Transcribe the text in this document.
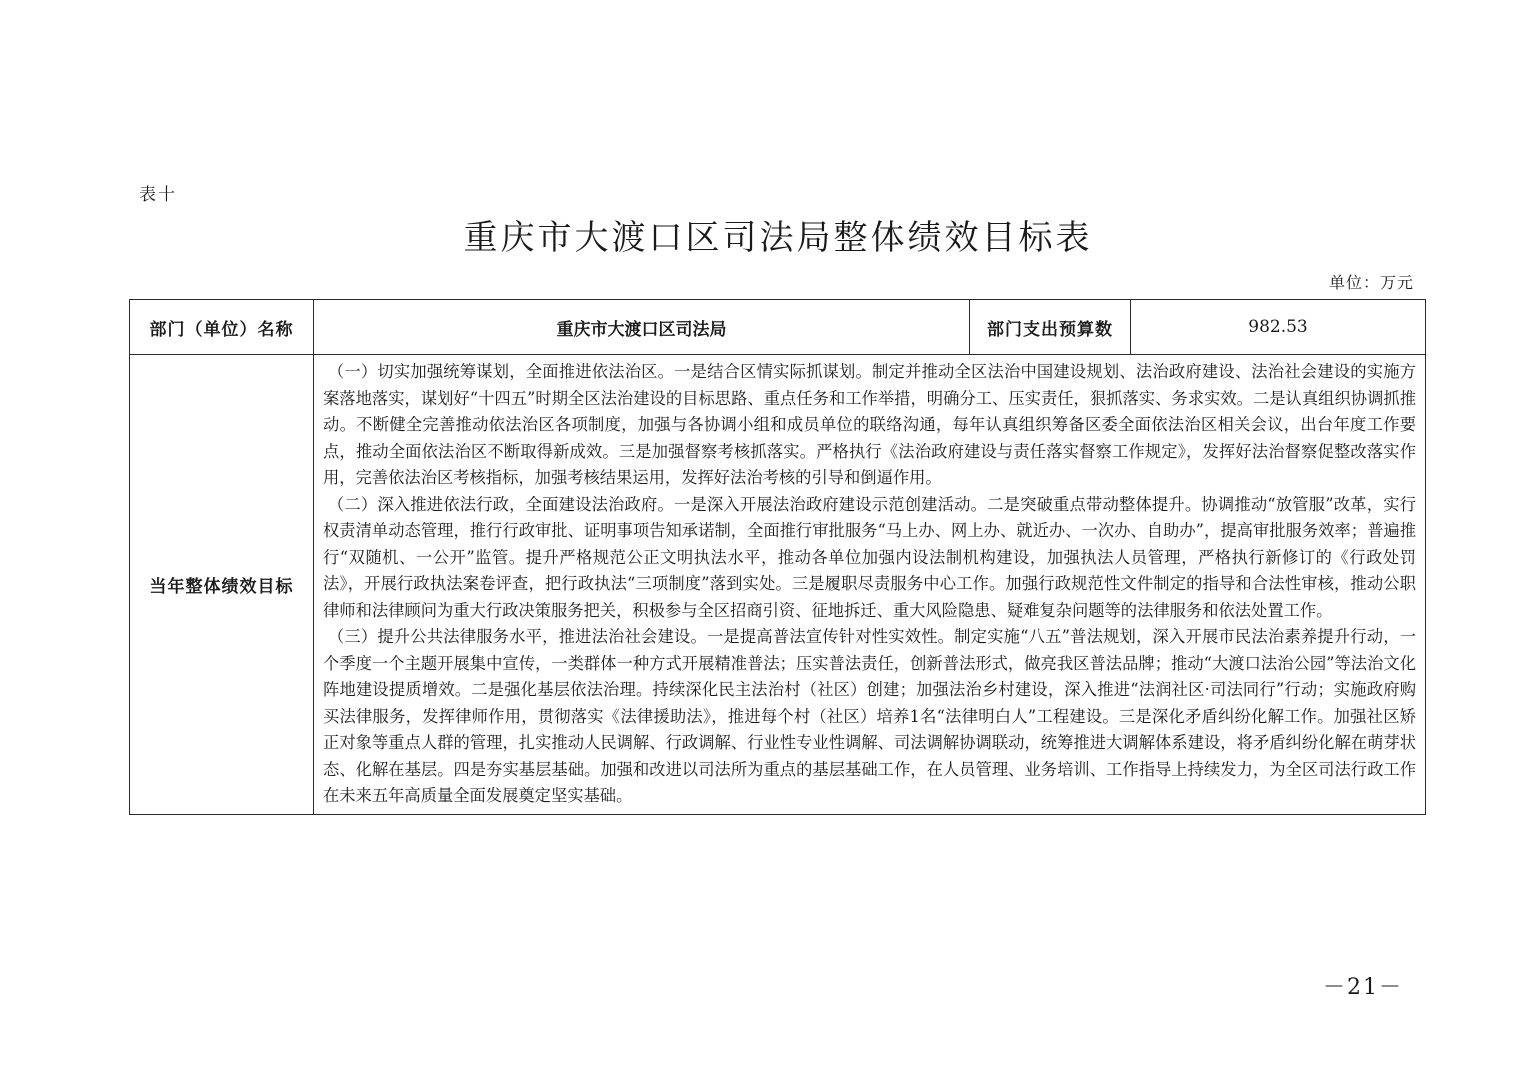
表十
重庆市大渡口区司法局整体绩效目标表
单位：万元
部门（单位）名称	重庆市大渡口区司法局	部门支出预算数	982.53
当年整体绩效目标	（一）切实加强统筹谋划，全面推进依法治区。一是结合区情实际抓谋划。制定并推动全区法治中国建设规划、法治政府建设、法治社会建设的实施方案落地落实，谋划好“十四五”时期全区法治建设的目标思路、重点任务和工作举措，明确分工、压实责任，狠抓落实、务求实效。二是认真组织协调抓推动。不断健全完善推动依法治区各项制度，加强与各协调小组和成员单位的联络沟通，每年认真组织筹备区委全面依法治区相关会议，出台年度工作要点，推动全面依法治区不断取得新成效。三是加强督察考核抓落实。严格执行《法治政府建设与责任落实督察工作规定》，发挥好法治督察促整改落实作用，完善依法治区考核指标，加强考核结果运用，发挥好法治考核的引导和倒逼作用。

（二）深入推进依法行政，全面建设法治政府。一是深入开展法治政府建设示范创建活动。二是突破重点带动整体提升。协调推动“放管服”改革，实行权责清单动态管理，推行行政审批、证明事项告知承诺制，全面推行审批服务“马上办、网上办、就近办、一次办、自助办”，提高审批服务效率；普遍推行“双随机、一公开”监管。提升严格规范公正文明执法水平，推动各单位加强内设法制机构建设，加强执法人员管理，严格执行新修订的《行政处罚法》，开展行政执法案卷评查，把行政执法“三项制度”落到实处。三是履职尽责服务中心工作。加强行政规范性文件制定的指导和合法性审核，推动公职律师和法律顾问为重大行政决策服务把关，积极参与全区招商引资、征地拆迁、重大风险隐患、疑难复杂问题等的法律服务和依法处置工作。

（三）提升公共法律服务水平，推进法治社会建设。一是提高普法宣传针对性实效性。制定实施“八五”普法规划，深入开展市民法治素养提升行动，一个季度一个主题开展集中宣传，一类群体一种方式开展精准普法；压实普法责任，创新普法形式，做亮我区普法品牌；推动“大渡口法治公园”等法治文化阵地建设提质增效。二是强化基层依法治理。持续深化民主法治村（社区）创建；加强法治乡村建设，深入推进“法润社区·司法同行”行动；实施政府购买法律服务，发挥律师作用，贯彻落实《法律援助法》，推进每个村（社区）培养1名“法律明白人”工程建设。三是深化矛盾纠纷化解工作。加强社区矫正对象等重点人群的管理，扎实推动人民调解、行政调解、行业性专业性调解、司法调解协调联动，统筹推进大调解体系建设，将矛盾纠纷化解在萌芽状态、化解在基层。四是夯实基层基础。加强和改进以司法所为重点的基层基础工作，在人员管理、业务培训、工作指导上持续发力，为全区司法行政工作在未来五年高质量全面发展奠定坚实基础。		

－21－
